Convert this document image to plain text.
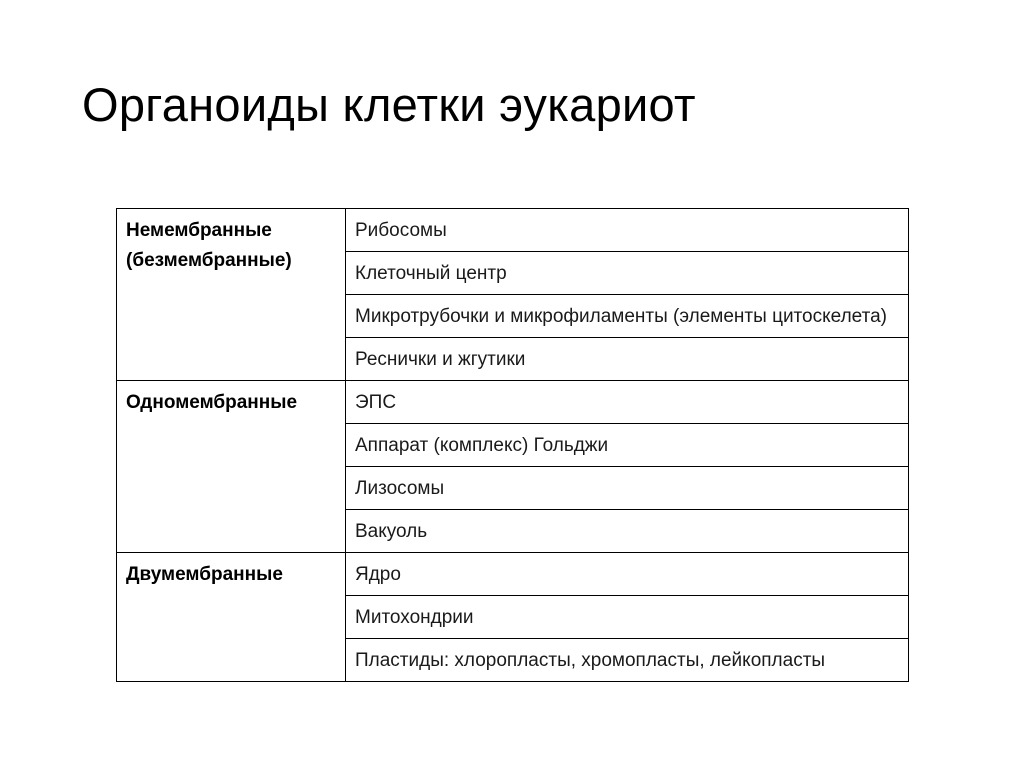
Органоиды клетки эукариот
Немембранные (безмембранные)	Рибосомы
	Клеточный центр
	Микротрубочки и микрофиламенты (элементы цитоскелета)
	Реснички и жгутики
Одномембранные	ЭПС
	Аппарат (комплекс) Гольджи
	Лизосомы
	Вакуоль
Двумембранные	Ядро
	Митохондрии
	Пластиды: хлоропласты, хромопласты, лейкопласты
